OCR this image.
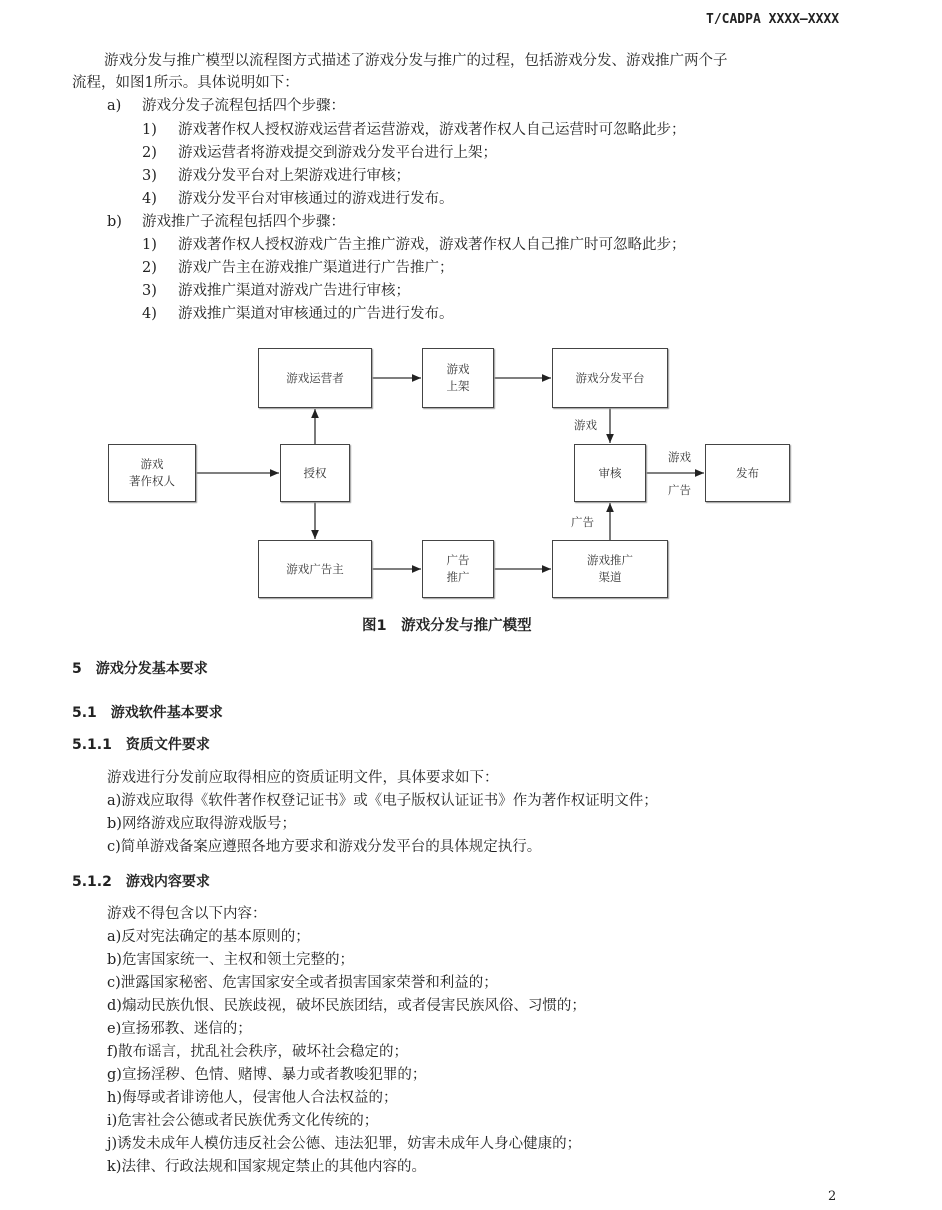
T/CADPA XXXX—XXXX
游戏分发与推广模型以流程图方式描述了游戏分发与推广的过程，包括游戏分发、游戏推广两个子
流程，如图1所示。具体说明如下：
a) 游戏分发子流程包括四个步骤：
1) 游戏著作权人授权游戏运营者运营游戏，游戏著作权人自己运营时可忽略此步；
2) 游戏运营者将游戏提交到游戏分发平台进行上架；
3) 游戏分发平台对上架游戏进行审核；
4) 游戏分发平台对审核通过的游戏进行发布。
b) 游戏推广子流程包括四个步骤：
1) 游戏著作权人授权游戏广告主推广游戏，游戏著作权人自己推广时可忽略此步；
2) 游戏广告主在游戏推广渠道进行广告推广；
3) 游戏推广渠道对游戏广告进行审核；
4) 游戏推广渠道对审核通过的广告进行发布。
游戏
著作权人
授权
游戏运营者
游戏
上架
游戏分发平台
审核	发布
游戏广告主
广告
推广
游戏推广
渠道
游戏
游戏
广告
广告
图1　游戏分发与推广模型
5　游戏分发基本要求
5.1　游戏软件基本要求
5.1.1　资质文件要求
游戏进行分发前应取得相应的资质证明文件，具体要求如下：
a)游戏应取得《软件著作权登记证书》或《电子版权认证证书》作为著作权证明文件；
b)网络游戏应取得游戏版号；
c)简单游戏备案应遵照各地方要求和游戏分发平台的具体规定执行。
5.1.2　游戏内容要求
游戏不得包含以下内容：
a)反对宪法确定的基本原则的；
b)危害国家统一、主权和领土完整的；
c)泄露国家秘密、危害国家安全或者损害国家荣誉和利益的；
d)煽动民族仇恨、民族歧视，破坏民族团结，或者侵害民族风俗、习惯的；
e)宣扬邪教、迷信的；
f)散布谣言，扰乱社会秩序，破坏社会稳定的；
g)宣扬淫秽、色情、赌博、暴力或者教唆犯罪的；
h)侮辱或者诽谤他人，侵害他人合法权益的；
i)危害社会公德或者民族优秀文化传统的；
j)诱发未成年人模仿违反社会公德、违法犯罪，妨害未成年人身心健康的；
k)法律、行政法规和国家规定禁止的其他内容的。
2
